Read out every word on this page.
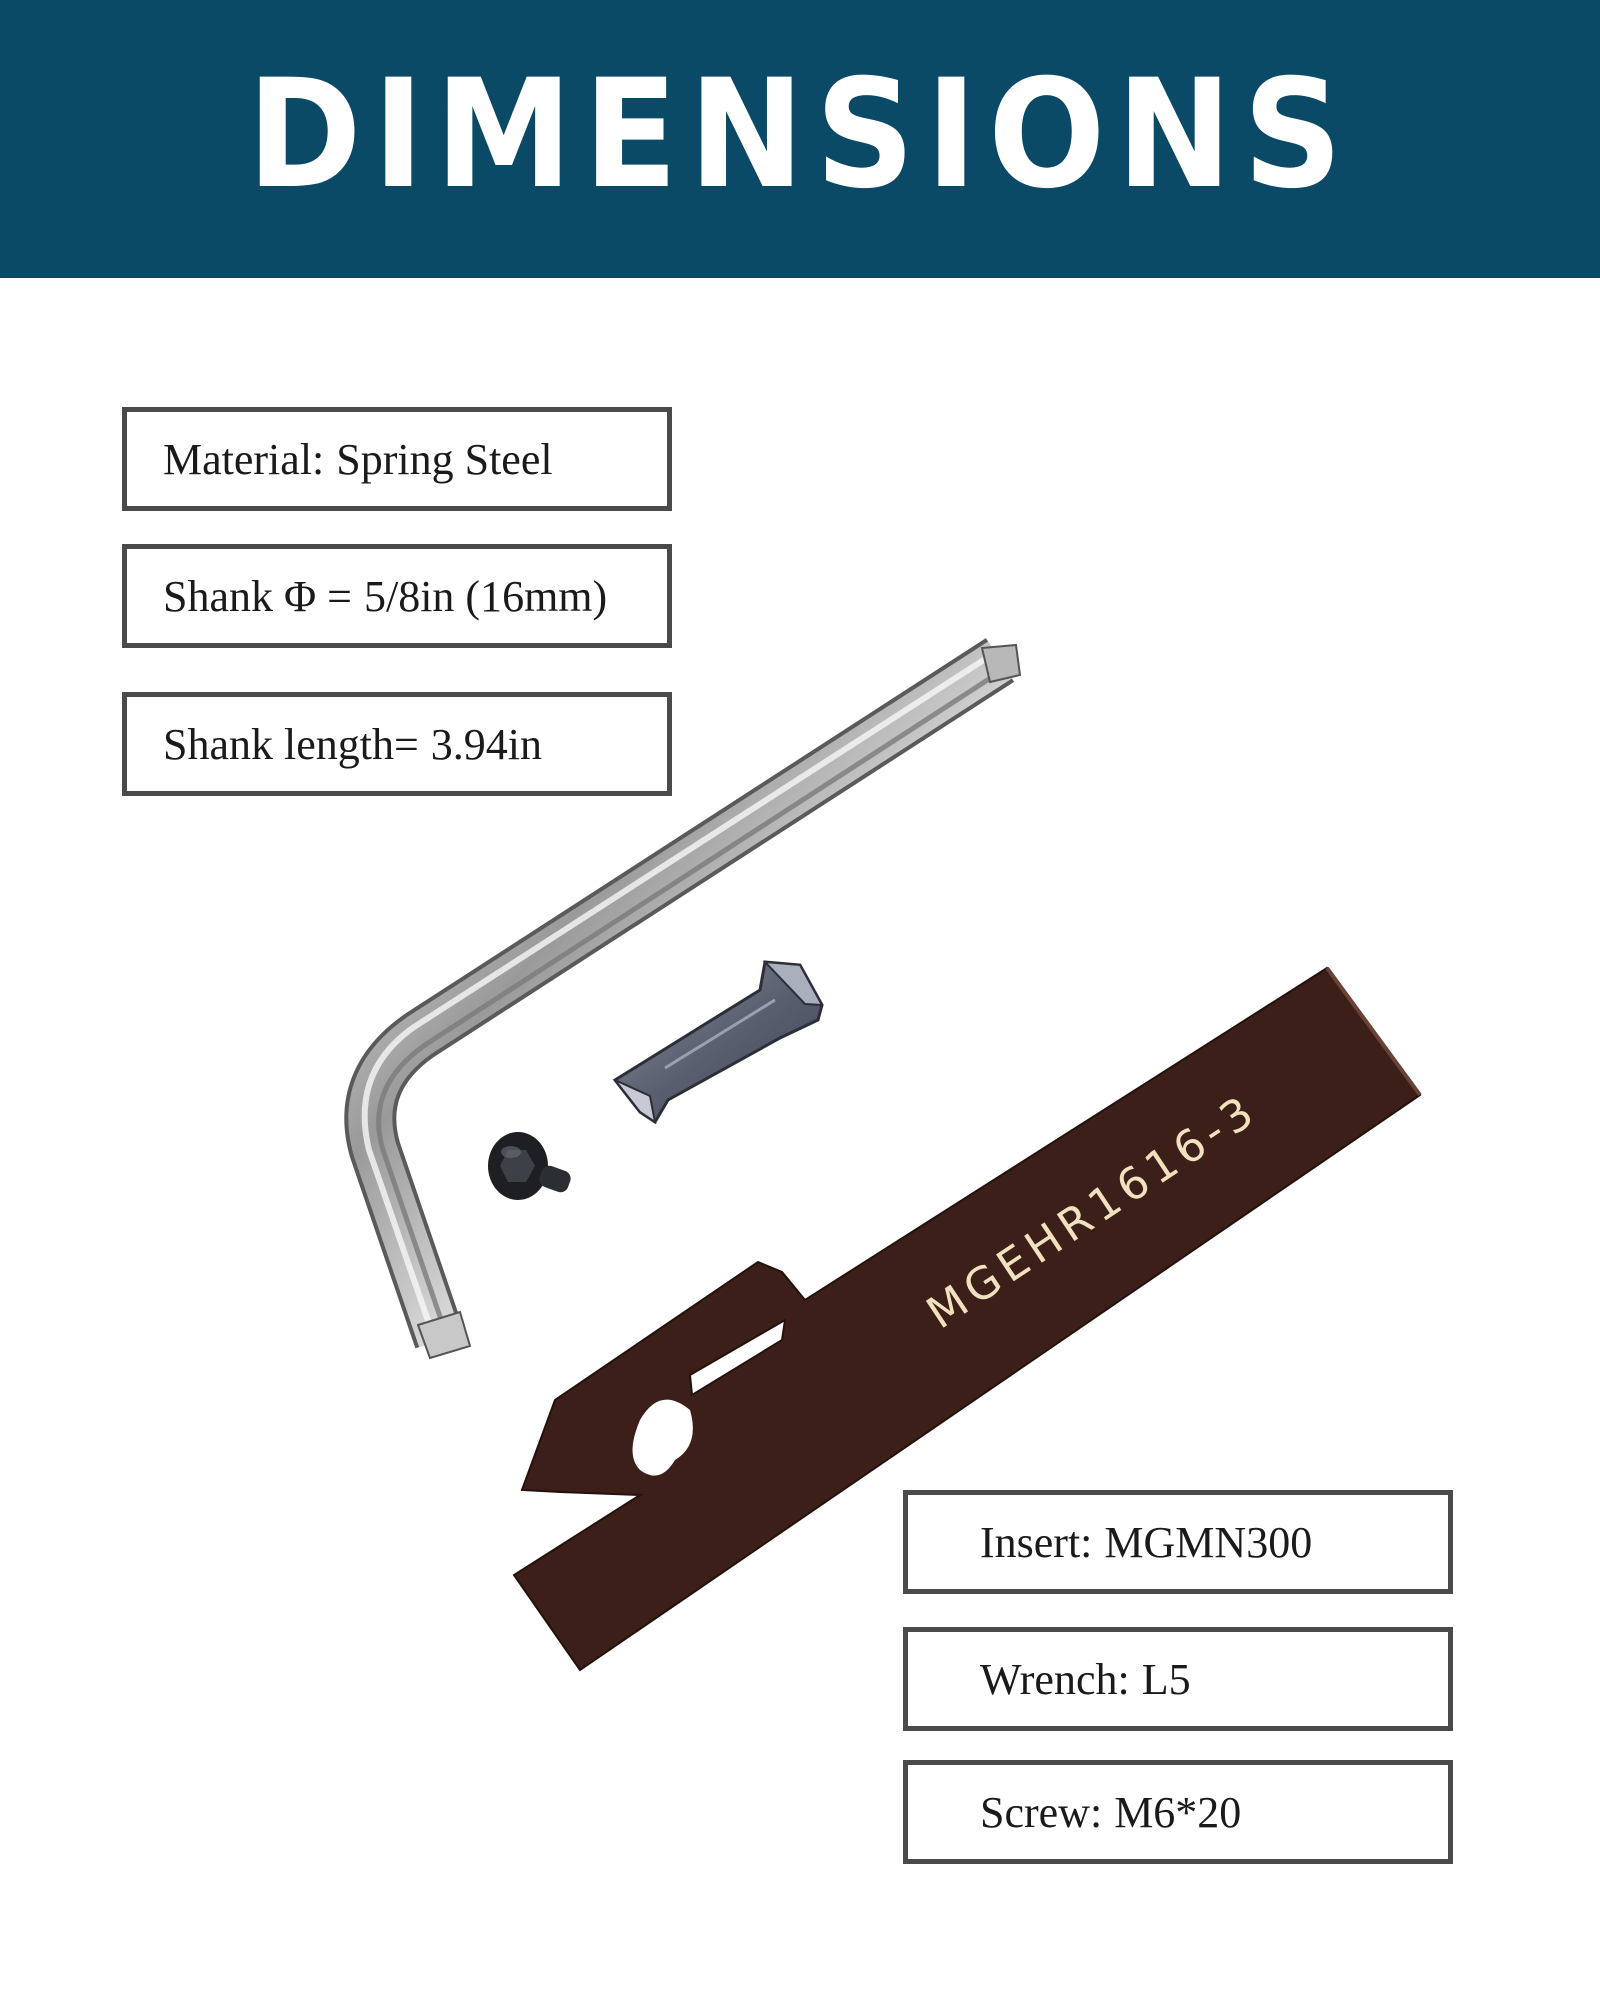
DIMENSIONS
Material: Spring Steel
Shank Φ = 5/8in (16mm)
Shank length= 3.94in
MGEHR1616-3
Insert: MGMN300
Wrench: L5
Screw: M6*20
